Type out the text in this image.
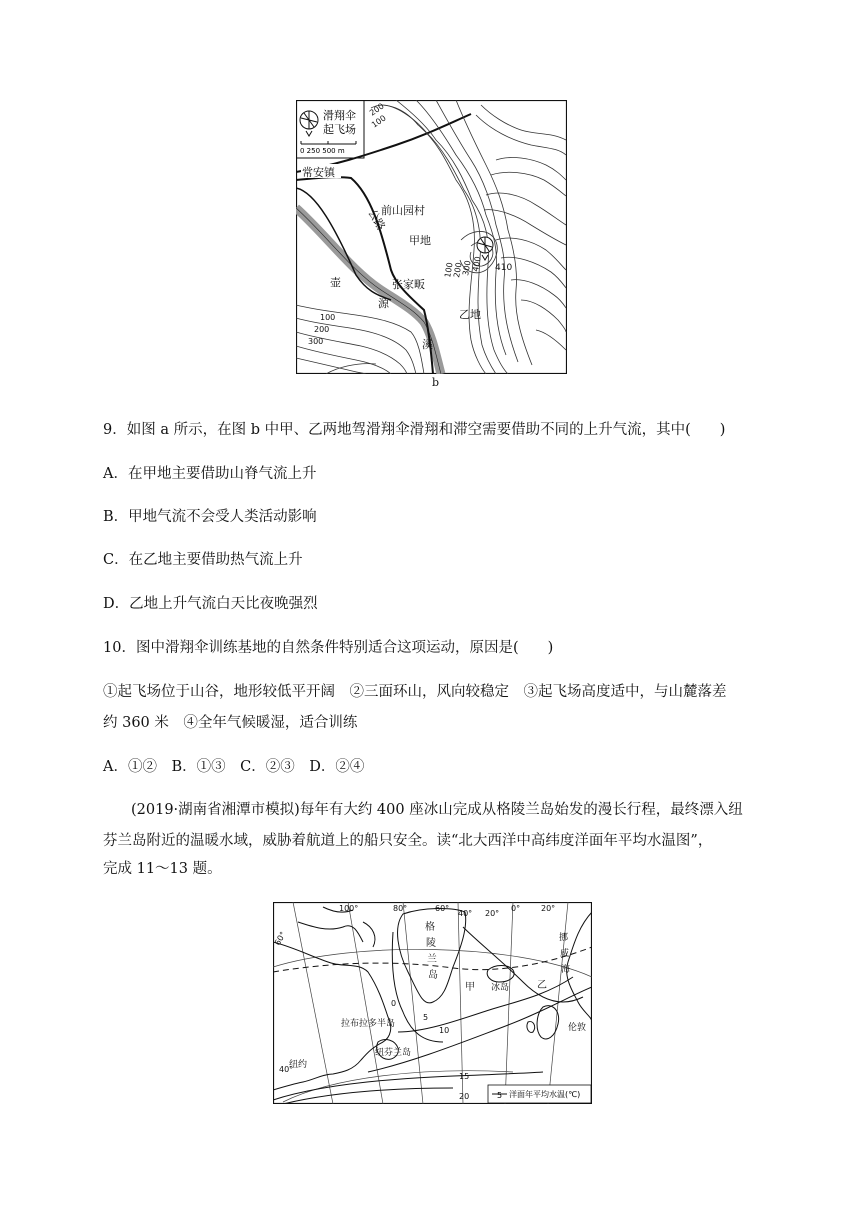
滑翔伞
起飞场
0 250 500 m
200
100
100
200
300
400
100
200
300
常安镇
前山园村
公路
甲地
张家畈
乙地
壶
源
溪
410
b
9．如图 a 所示，在图 b 中甲、乙两地驾滑翔伞滑翔和滞空需要借助不同的上升气流，其中(　　)
A．在甲地主要借助山脊气流上升
B．甲地气流不会受人类活动影响
C．在乙地主要借助热气流上升
D．乙地上升气流白天比夜晚强烈
10．图中滑翔伞训练基地的自然条件特别适合这项运动，原因是(　　)
①起飞场位于山谷，地形较低平开阔　②三面环山，风向较稳定　③起飞场高度适中，与山麓落差
约 360 米　④全年气候暖湿，适合训练
A．①②　B．①③　C．②③　D．②④
(2019·湖南省湘潭市模拟)每年有大约 400 座冰山完成从格陵兰岛始发的漫长行程，最终漂入纽
芬兰岛附近的温暖水域，威胁着航道上的船只安全。读“北大西洋中高纬度洋面年平均水温图”，
完成 11～13 题。
100°	80°	60°
40° 20°
0°	20°
60°
40°
格
陵
兰
岛
拉布拉多半岛
纽芬兰岛
纽约
冰岛
甲	乙
伦敦
挪
威
海
0
5
10
15
20	5 洋面年平均水温(℃)
